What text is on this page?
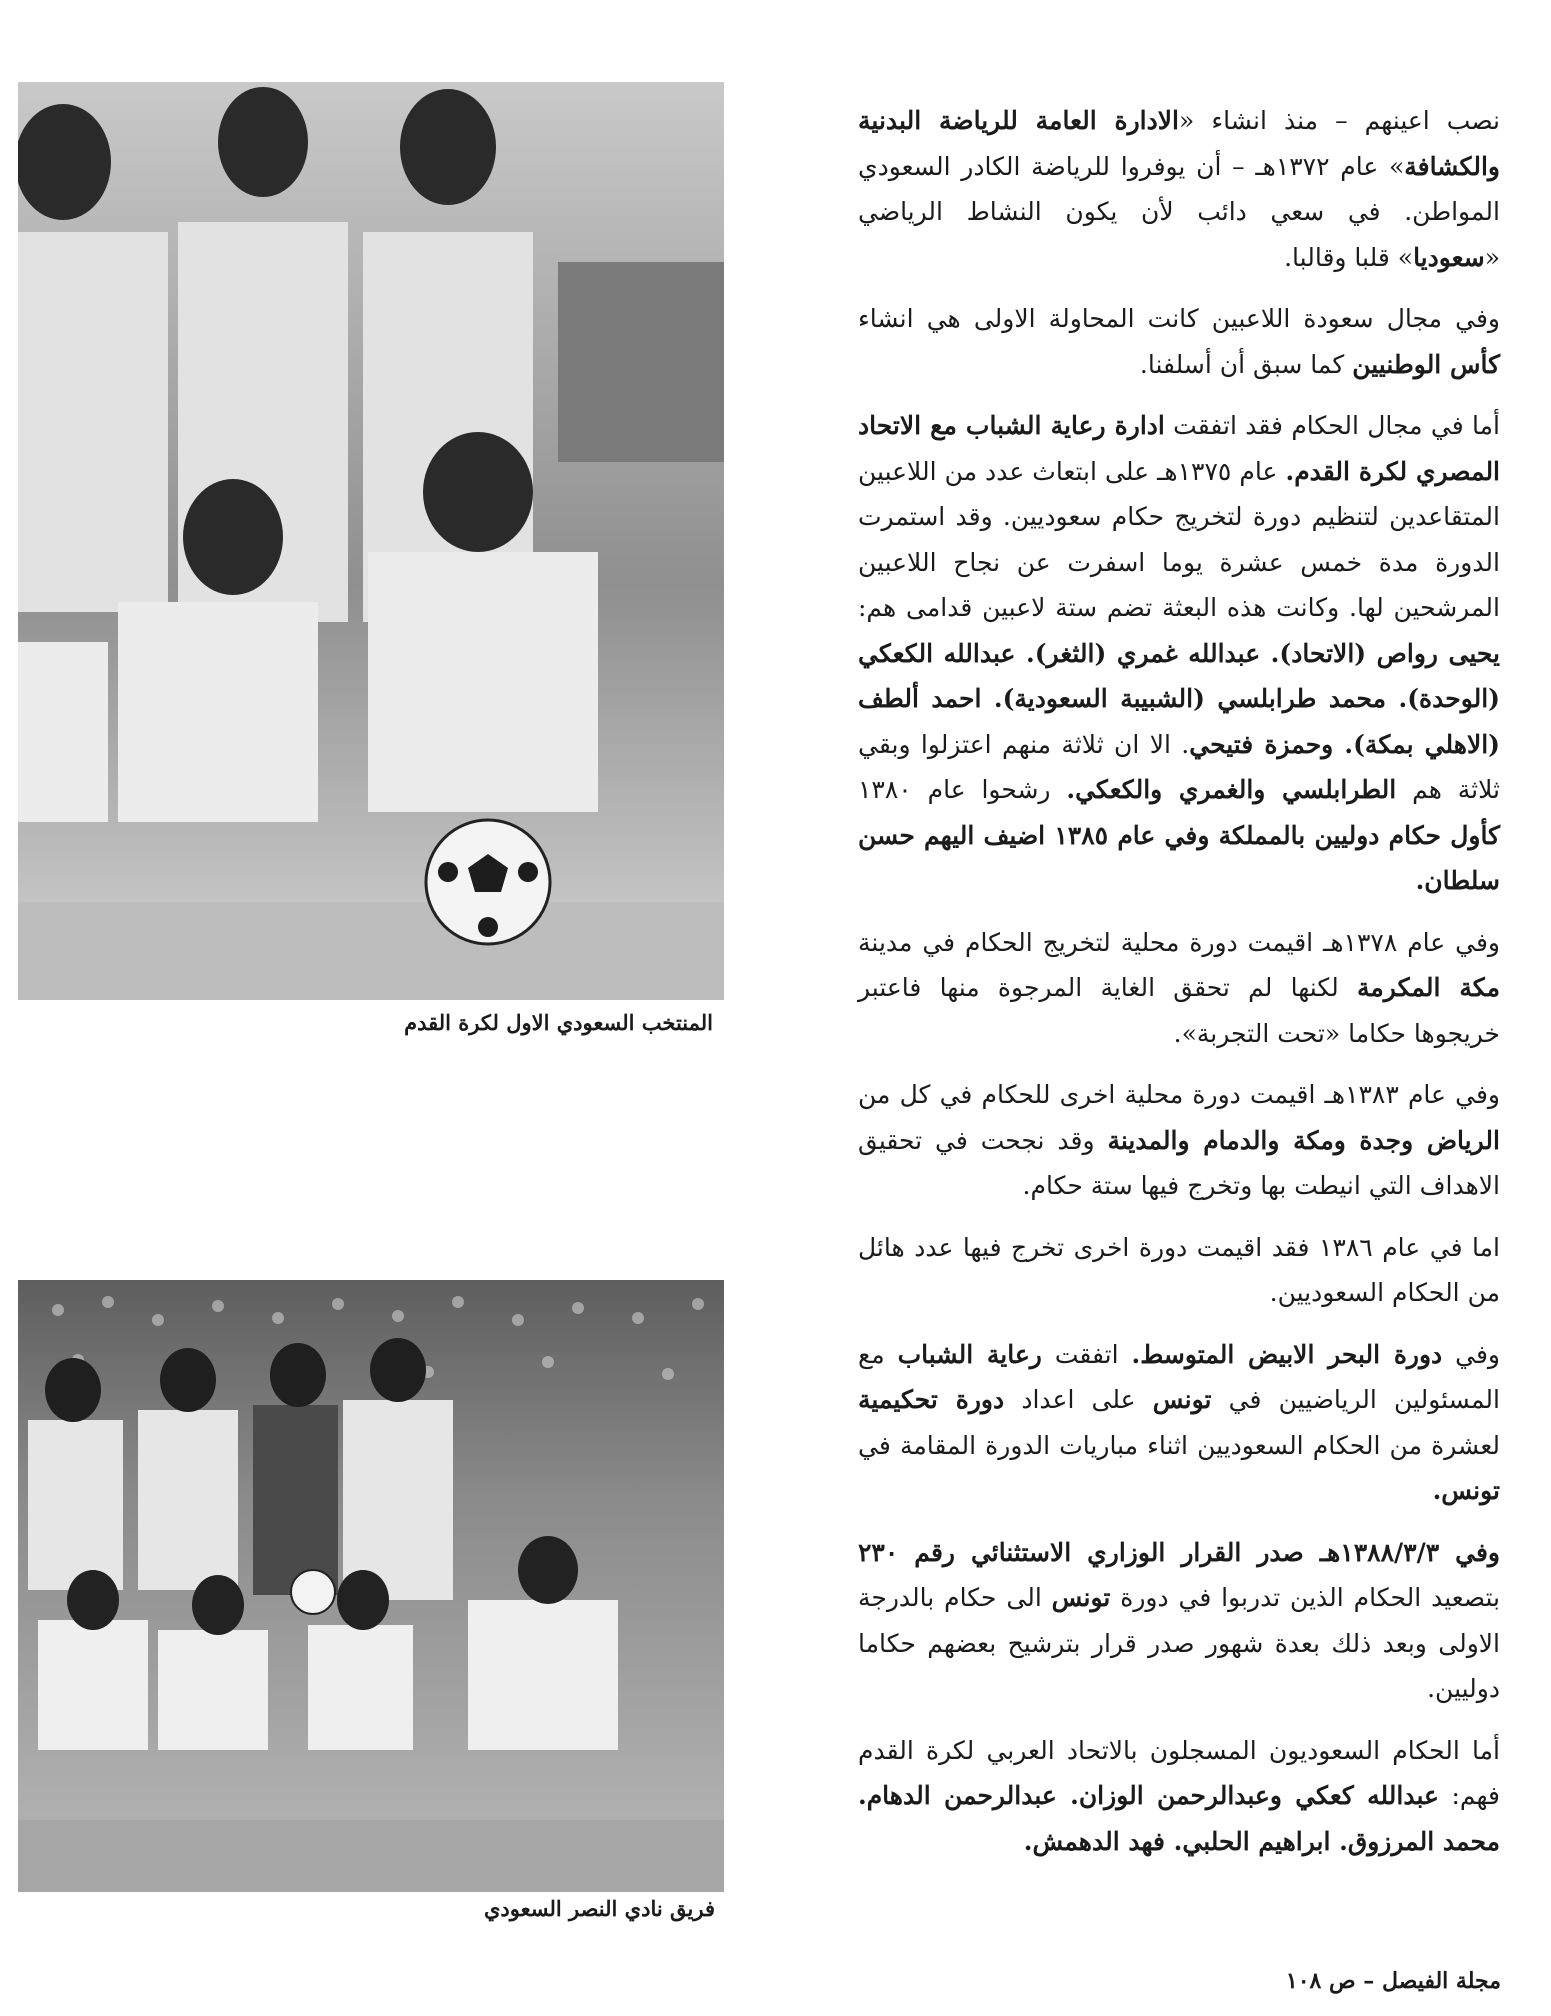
المنتخب السعودي الاول لكرة القدم
فريق نادي النصر السعودي

نصب اعينهم – منذ انشاء «الادارة العامة للرياضة البدنية والكشافة» عام ١٣٧٢هـ – أن يوفروا للرياضة الكادر السعودي المواطن. في سعي دائب لأن يكون النشاط الرياضي «سعوديا» قلبا وقالبا.

وفي مجال سعودة اللاعبين كانت المحاولة الاولى هي انشاء كأس الوطنيين كما سبق أن أسلفنا.

أما في مجال الحكام فقد اتفقت ادارة رعاية الشباب مع الاتحاد المصري لكرة القدم. عام ١٣٧٥هـ على ابتعاث عدد من اللاعبين المتقاعدين لتنظيم دورة لتخريج حكام سعوديين. وقد استمرت الدورة مدة خمس عشرة يوما اسفرت عن نجاح اللاعبين المرشحين لها. وكانت هذه البعثة تضم ستة لاعبين قدامى هم: يحيى رواص (الاتحاد). عبدالله غمري (الثغر). عبدالله الكعكي (الوحدة). محمد طرابلسي (الشبيبة السعودية). احمد ألطف (الاهلي بمكة). وحمزة فتيحي. الا ان ثلاثة منهم اعتزلوا وبقي ثلاثة هم الطرابلسي والغمري والكعكي. رشحوا عام ١٣٨٠ كأول حكام دوليين بالمملكة وفي عام ١٣٨٥ اضيف اليهم حسن سلطان.

وفي عام ١٣٧٨هـ اقيمت دورة محلية لتخريج الحكام في مدينة مكة المكرمة لكنها لم تحقق الغاية المرجوة منها فاعتبر خريجوها حكاما «تحت التجربة».

وفي عام ١٣٨٣هـ اقيمت دورة محلية اخرى للحكام في كل من الرياض وجدة ومكة والدمام والمدينة وقد نجحت في تحقيق الاهداف التي انيطت بها وتخرج فيها ستة حكام.

اما في عام ١٣٨٦ فقد اقيمت دورة اخرى تخرج فيها عدد هائل من الحكام السعوديين.

وفي دورة البحر الابيض المتوسط. اتفقت رعاية الشباب مع المسئولين الرياضيين في تونس على اعداد دورة تحكيمية لعشرة من الحكام السعوديين اثناء مباريات الدورة المقامة في تونس.

وفي ١٣٨٨/٣/٣هـ صدر القرار الوزاري الاستثنائي رقم ٢٣٠ بتصعيد الحكام الذين تدربوا في دورة تونس الى حكام بالدرجة الاولى وبعد ذلك بعدة شهور صدر قرار بترشيح بعضهم حكاما دوليين.

أما الحكام السعوديون المسجلون بالاتحاد العربي لكرة القدم فهم: عبدالله كعكي وعبدالرحمن الوزان. عبدالرحمن الدهام. محمد المرزوق. ابراهيم الحلبي. فهد الدهمش.

مجلة الفيصل – ص ١٠٨
